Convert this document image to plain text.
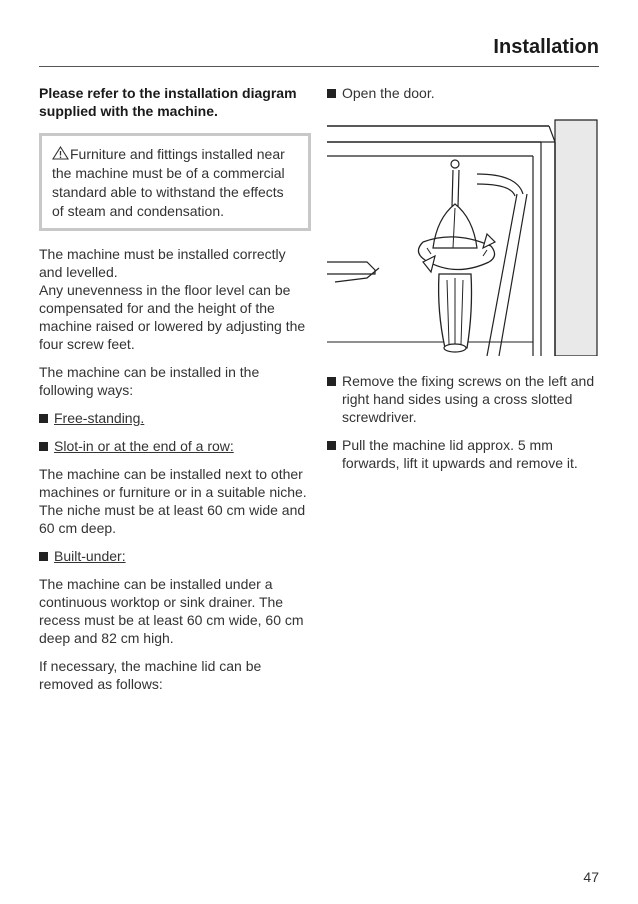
Installation

Please refer to the installation diagram supplied with the machine.

Furniture and fittings installed near the machine must be of a commercial standard able to withstand the effects of steam and condensation.

The machine must be installed correctly and levelled.

Any unevenness in the floor level can be compensated for and the height of the machine raised or lowered by adjusting the four screw feet.

The machine can be installed in the following ways:

Free-standing.
Slot-in or at the end of a row:

The machine can be installed next to other machines or furniture or in a suitable niche. The niche must be at least 60 cm wide and 60 cm deep.

Built-under:

The machine can be installed under a continuous worktop or sink drainer. The recess must be at least 60 cm wide, 60 cm deep and 82 cm high.

If necessary, the machine lid can be removed as follows:

Open the door.
Remove the fixing screws on the left and right hand sides using a cross slotted screwdriver.
Pull the machine lid approx. 5 mm forwards, lift it upwards and remove it.
47
